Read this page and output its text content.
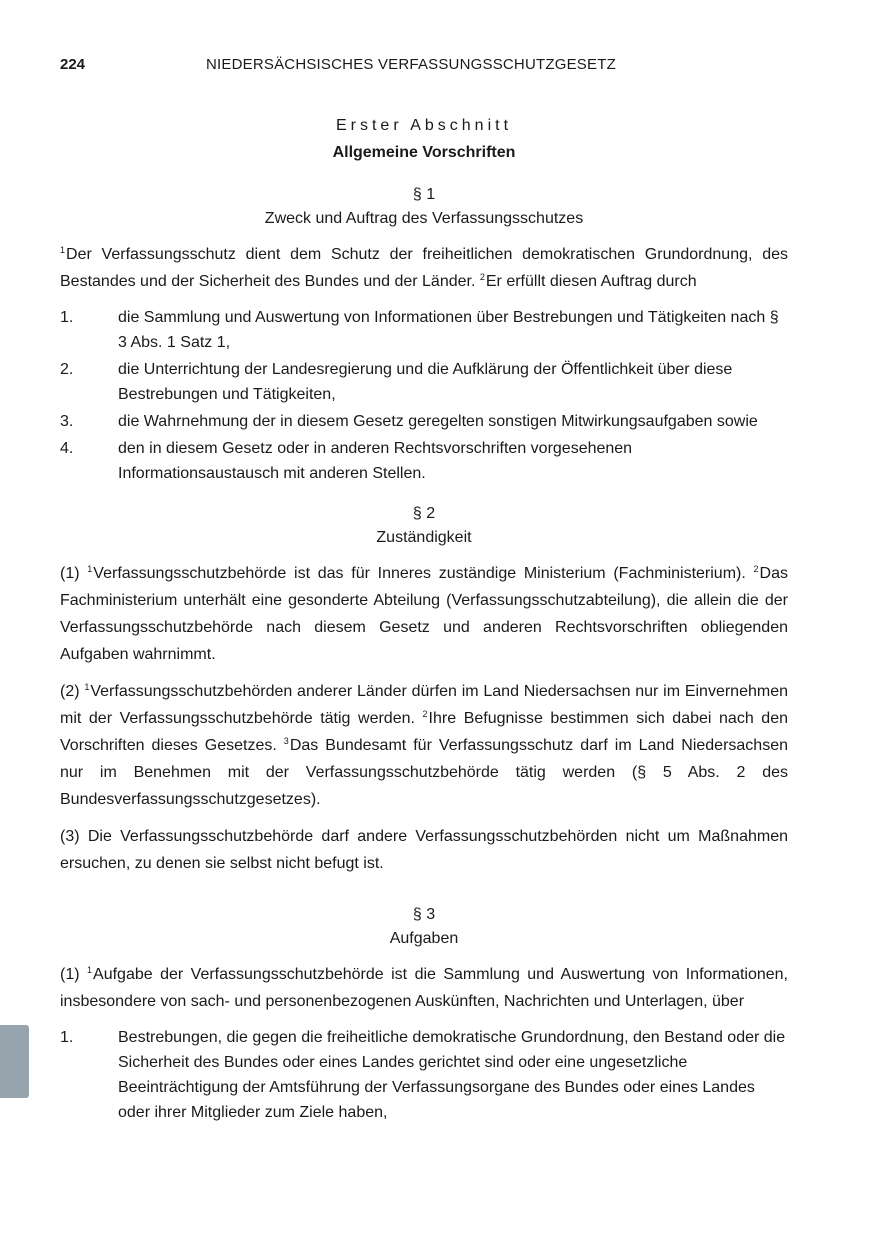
224	NIEDERSÄCHSISCHES VERFASSUNGSSCHUTZGESETZ
Erster Abschnitt
Allgemeine Vorschriften
§ 1
Zweck und Auftrag des Verfassungsschutzes

$^1$Der Verfassungsschutz dient dem Schutz der freiheitlichen demokratischen Grundordnung, des Bestandes und der Sicherheit des Bundes und der Länder. $^2$Er erfüllt diesen Auftrag durch

1.	die Sammlung und Auswertung von Informationen über Bestrebungen und Tätigkeiten nach § 3 Abs. 1 Satz 1,
2.	die Unterrichtung der Landesregierung und die Aufklärung der Öffentlichkeit über diese Bestrebungen und Tätigkeiten,
3.	die Wahrnehmung der in diesem Gesetz geregelten sonstigen Mitwirkungsaufgaben sowie
4.	den in diesem Gesetz oder in anderen Rechtsvorschriften vorgesehenen Informationsaustausch mit anderen Stellen.
§ 2
Zuständigkeit

(1) $^1$Verfassungsschutzbehörde ist das für Inneres zuständige Ministerium (Fachministerium). $^2$Das Fachministerium unterhält eine gesonderte Abteilung (Verfassungsschutzabteilung), die allein die der Verfassungsschutzbehörde nach diesem Gesetz und anderen Rechtsvorschriften obliegenden Aufgaben wahrnimmt.

(2) $^1$Verfassungsschutzbehörden anderer Länder dürfen im Land Niedersachsen nur im Einvernehmen mit der Verfassungsschutzbehörde tätig werden. $^2$Ihre Befugnisse bestimmen sich dabei nach den Vorschriften dieses Gesetzes. $^3$Das Bundesamt für Verfassungsschutz darf im Land Niedersachsen nur im Benehmen mit der Verfassungsschutzbehörde tätig werden (§ 5 Abs. 2 des Bundesverfassungsschutzgesetzes).

(3) Die Verfassungsschutzbehörde darf andere Verfassungsschutzbehörden nicht um Maßnahmen ersuchen, zu denen sie selbst nicht befugt ist.

§ 3
Aufgaben

(1) $^1$Aufgabe der Verfassungsschutzbehörde ist die Sammlung und Auswertung von Informationen, insbesondere von sach- und personenbezogenen Auskünften, Nachrichten und Unterlagen, über

1.	Bestrebungen, die gegen die freiheitliche demokratische Grundordnung, den Bestand oder die Sicherheit des Bundes oder eines Landes gerichtet sind oder eine ungesetzliche Beeinträchtigung der Amtsführung der Verfassungsorgane des Bundes oder eines Landes oder ihrer Mitglieder zum Ziele haben,
